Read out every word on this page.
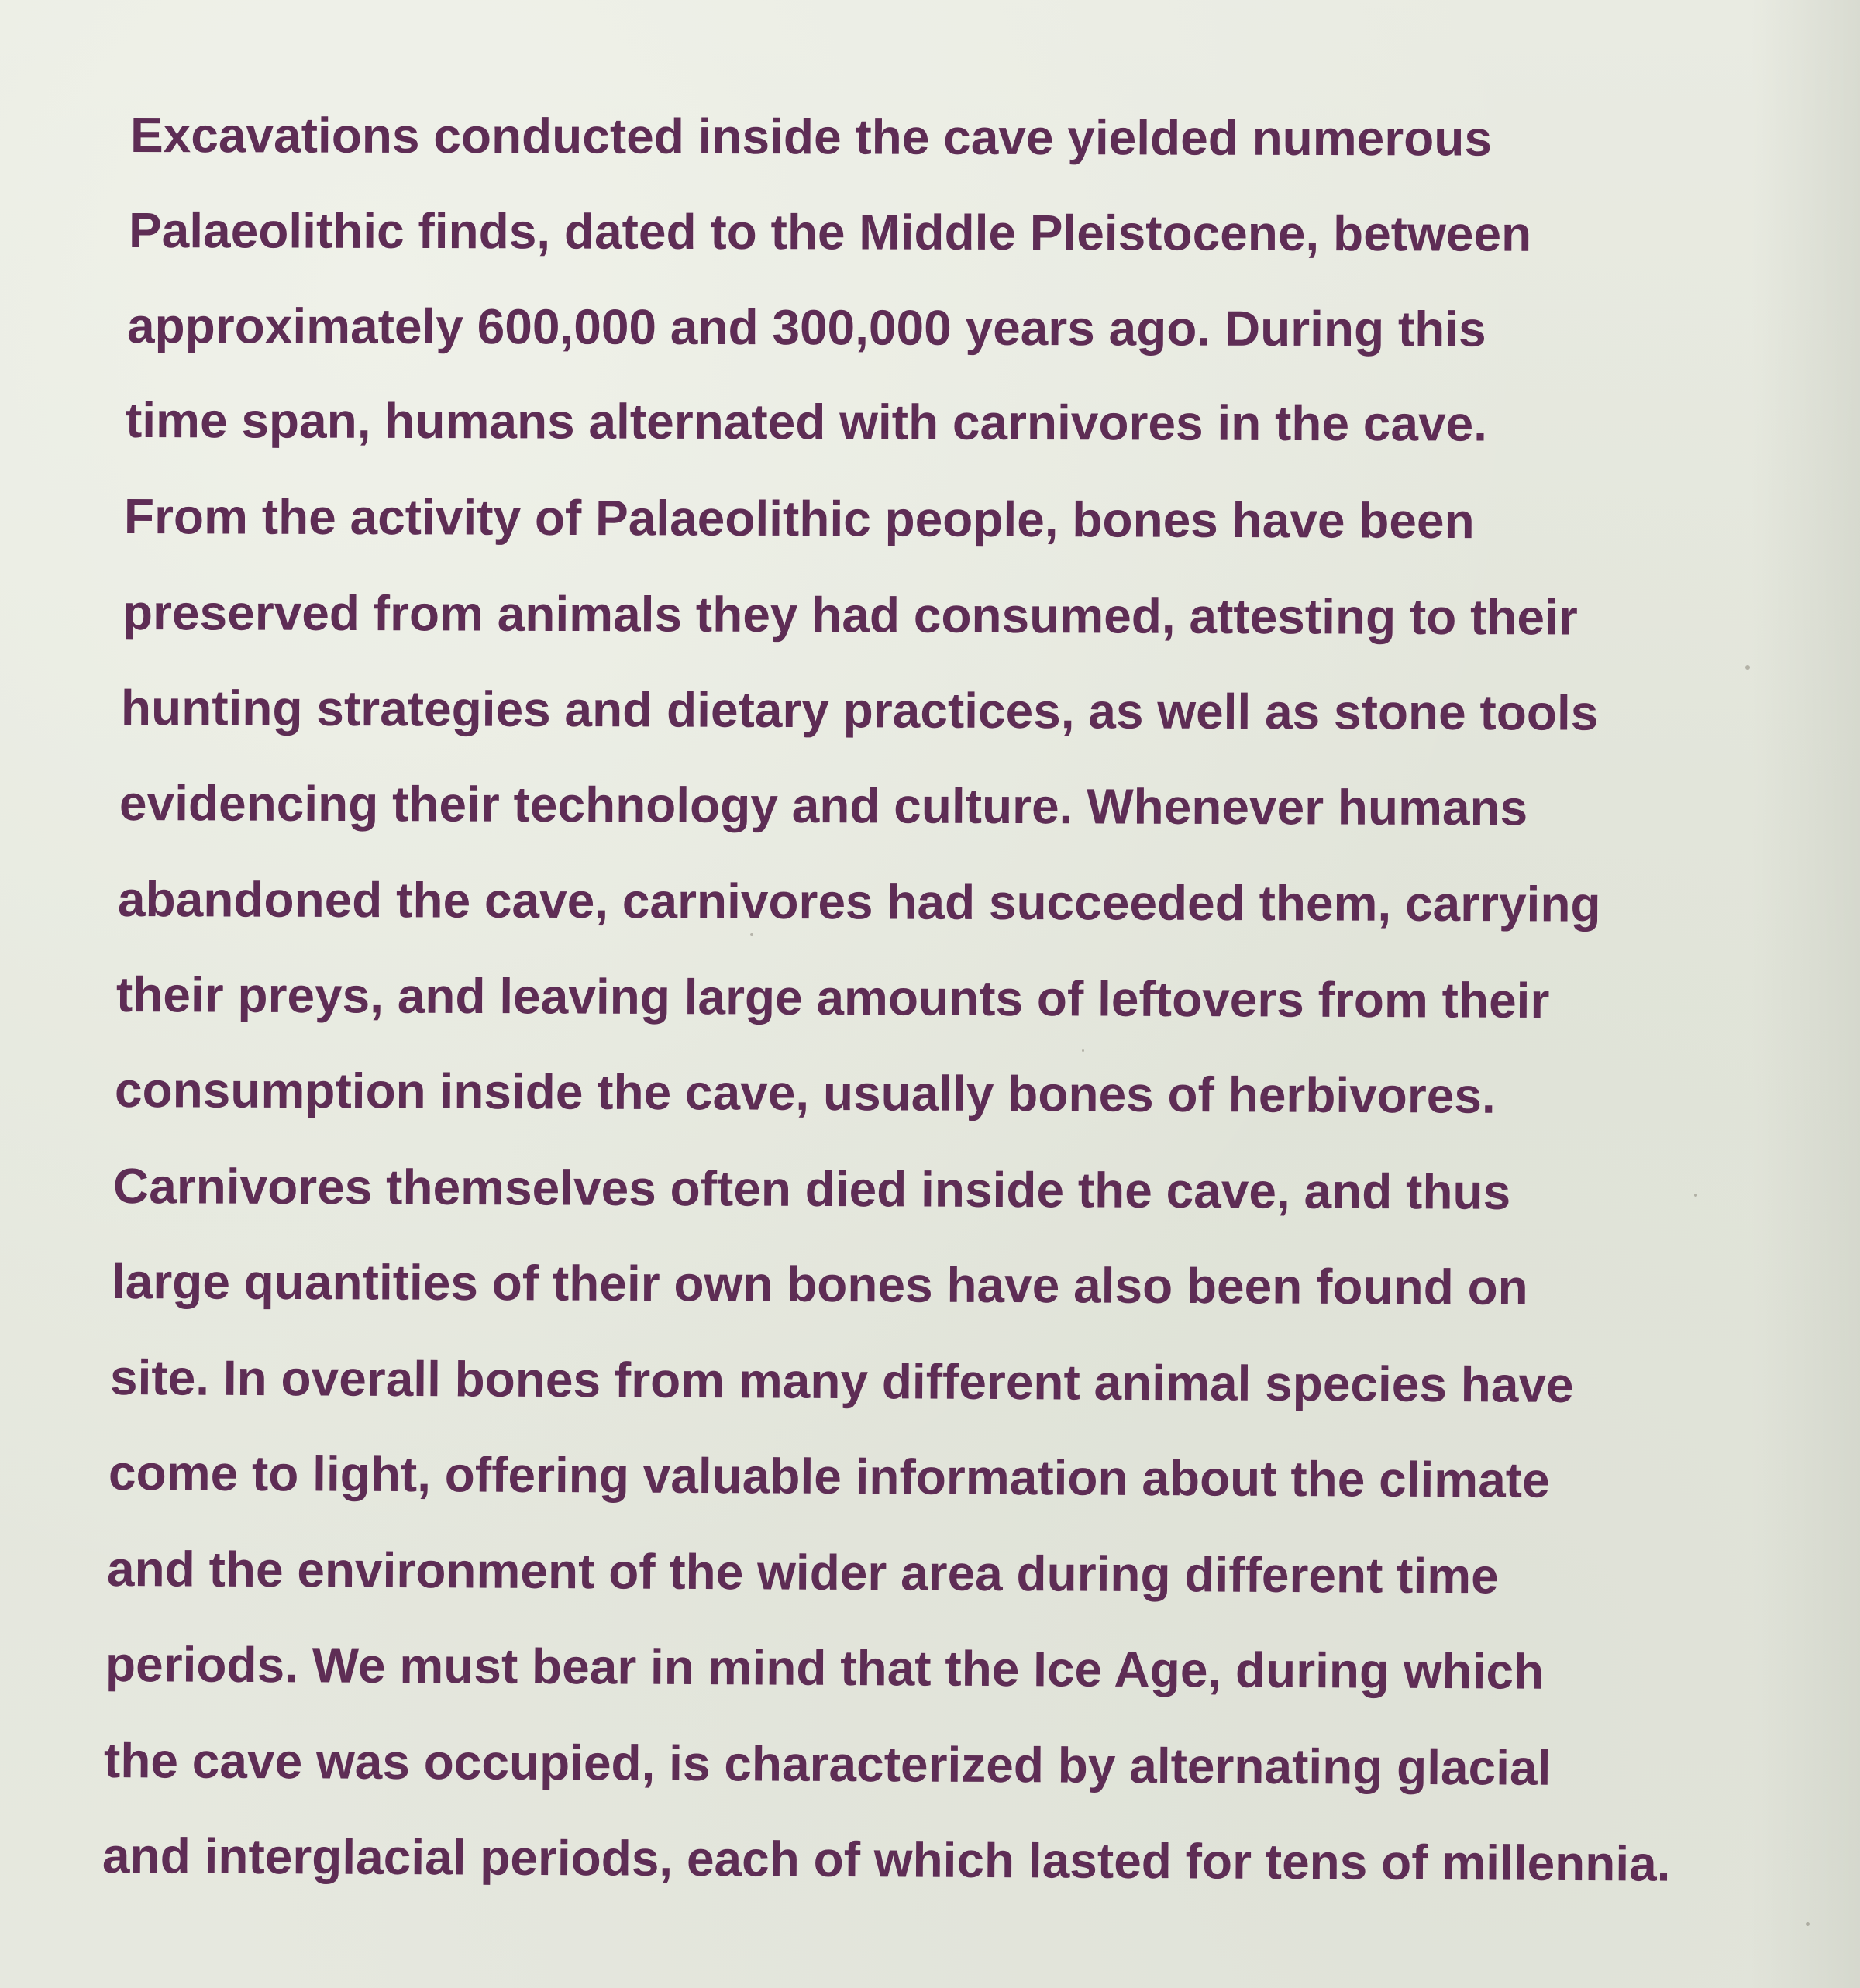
Excavations conducted inside the cave yielded numerous
Palaeolithic finds, dated to the Middle Pleistocene, between
approximately 600,000 and 300,000 years ago. During this
time span, humans alternated with carnivores in the cave.
From the activity of Palaeolithic people, bones have been
preserved from animals they had consumed, attesting to their
hunting strategies and dietary practices, as well as stone tools
evidencing their technology and culture. Whenever humans
abandoned the cave, carnivores had succeeded them, carrying
their preys, and leaving large amounts of leftovers from their
consumption inside the cave, usually bones of herbivores.
Carnivores themselves often died inside the cave, and thus
large quantities of their own bones have also been found on
site. In overall bones from many different animal species have
come to light, offering valuable information about the climate
and the environment of the wider area during different time
periods. We must bear in mind that the Ice Age, during which
the cave was occupied, is characterized by alternating glacial
and interglacial periods, each of which lasted for tens of millennia.
